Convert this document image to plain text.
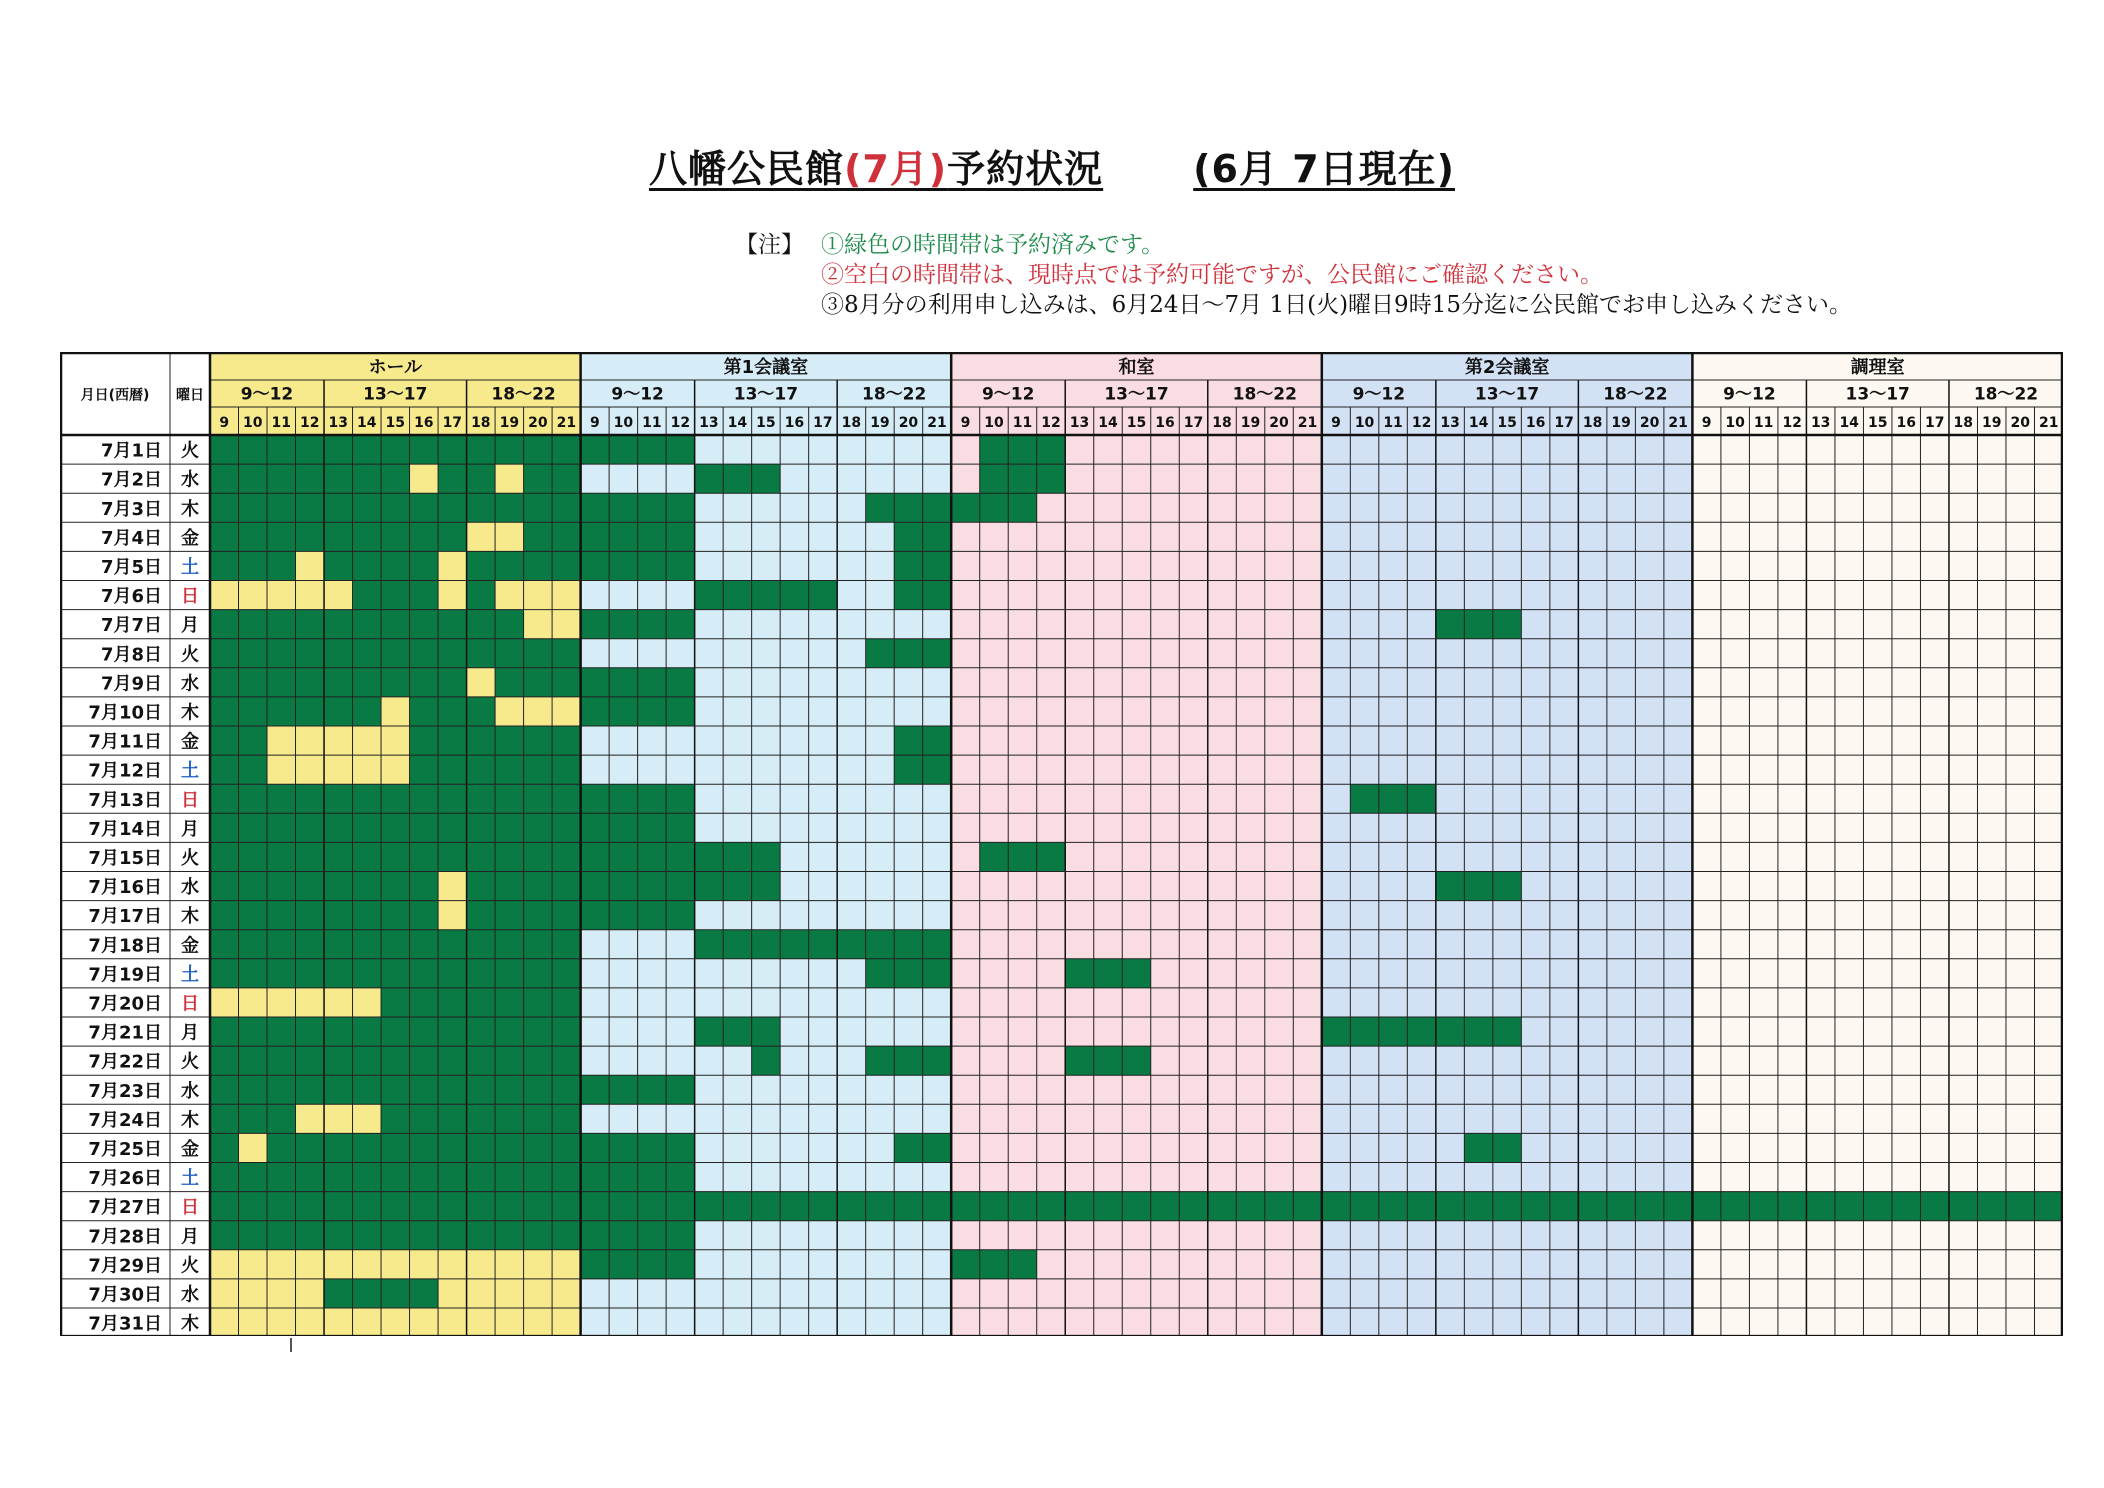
八幡公民館(7月)予約状況 (6月 7日現在)
【注】 ①緑色の時間帯は予約済みです。
②空白の時間帯は、現時点では予約可能ですが、公民館にご確認ください。
③8月分の利用申し込みは、6月24日～7月 1日(火)曜日9時15分迄に公民館でお申し込みください。
月日(西暦) 曜日
ホール
9～12	13～17	18～22
9 10 11 12 13 14 15 16 17 18 19 20 21
第1会議室
9～12	13～17	18～22
9 10 11 12 13 14 15 16 17 18 19 20 21
和室
9～12	13～17	18～22
9 10 11 12 13 14 15 16 17 18 19 20 21
第2会議室
9～12	13～17	18～22
9 10 11 12 13 14 15 16 17 18 19 20 21
調理室
9～12	13～17	18～22
9 10 11 12 13 14 15 16 17 18 19 20 21
7月1日 火
7月2日 水
7月3日 木
7月4日 金
7月5日 土
7月6日 日
7月7日 月
7月8日 火
7月9日 水
7月10日 木
7月11日 金
7月12日 土
7月13日 日
7月14日 月
7月15日 火
7月16日 水
7月17日 木
7月18日 金
7月19日 土
7月20日 日
7月21日 月
7月22日 火
7月23日 水
7月24日 木
7月25日 金
7月26日 土
7月27日 日
7月28日 月
7月29日 火
7月30日 水
7月31日 木
